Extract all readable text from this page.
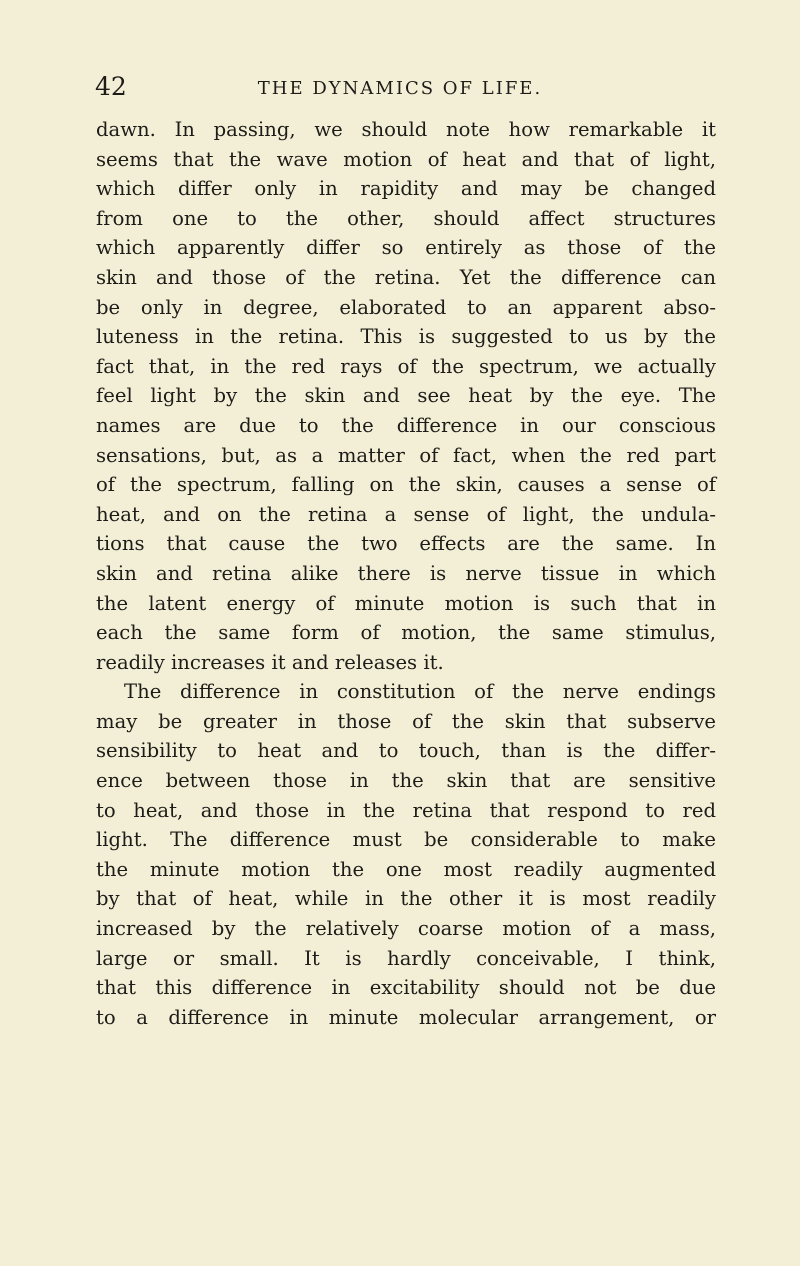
42	THE DYNAMICS OF LIFE.
dawn. In passing, we should note how remarkable it
seems that the wave motion of heat and that of light,
which differ only in rapidity and may be changed
from one to the other, should affect structures
which apparently differ so entirely as those of the
skin and those of the retina. Yet the difference can
be only in degree, elaborated to an apparent abso-
luteness in the retina. This is suggested to us by the
fact that, in the red rays of the spectrum, we actually
feel light by the skin and see heat by the eye. The
names are due to the difference in our conscious
sensations, but, as a matter of fact, when the red part
of the spectrum, falling on the skin, causes a sense of
heat, and on the retina a sense of light, the undula-
tions that cause the two effects are the same. In
skin and retina alike there is nerve tissue in which
the latent energy of minute motion is such that in
each the same form of motion, the same stimulus,
readily increases it and releases it.
The difference in constitution of the nerve endings
may be greater in those of the skin that subserve
sensibility to heat and to touch, than is the differ-
ence between those in the skin that are sensitive
to heat, and those in the retina that respond to red
light. The difference must be considerable to make
the minute motion the one most readily augmented
by that of heat, while in the other it is most readily
increased by the relatively coarse motion of a mass,
large or small. It is hardly conceivable, I think,
that this difference in excitability should not be due
to a difference in minute molecular arrangement, or
